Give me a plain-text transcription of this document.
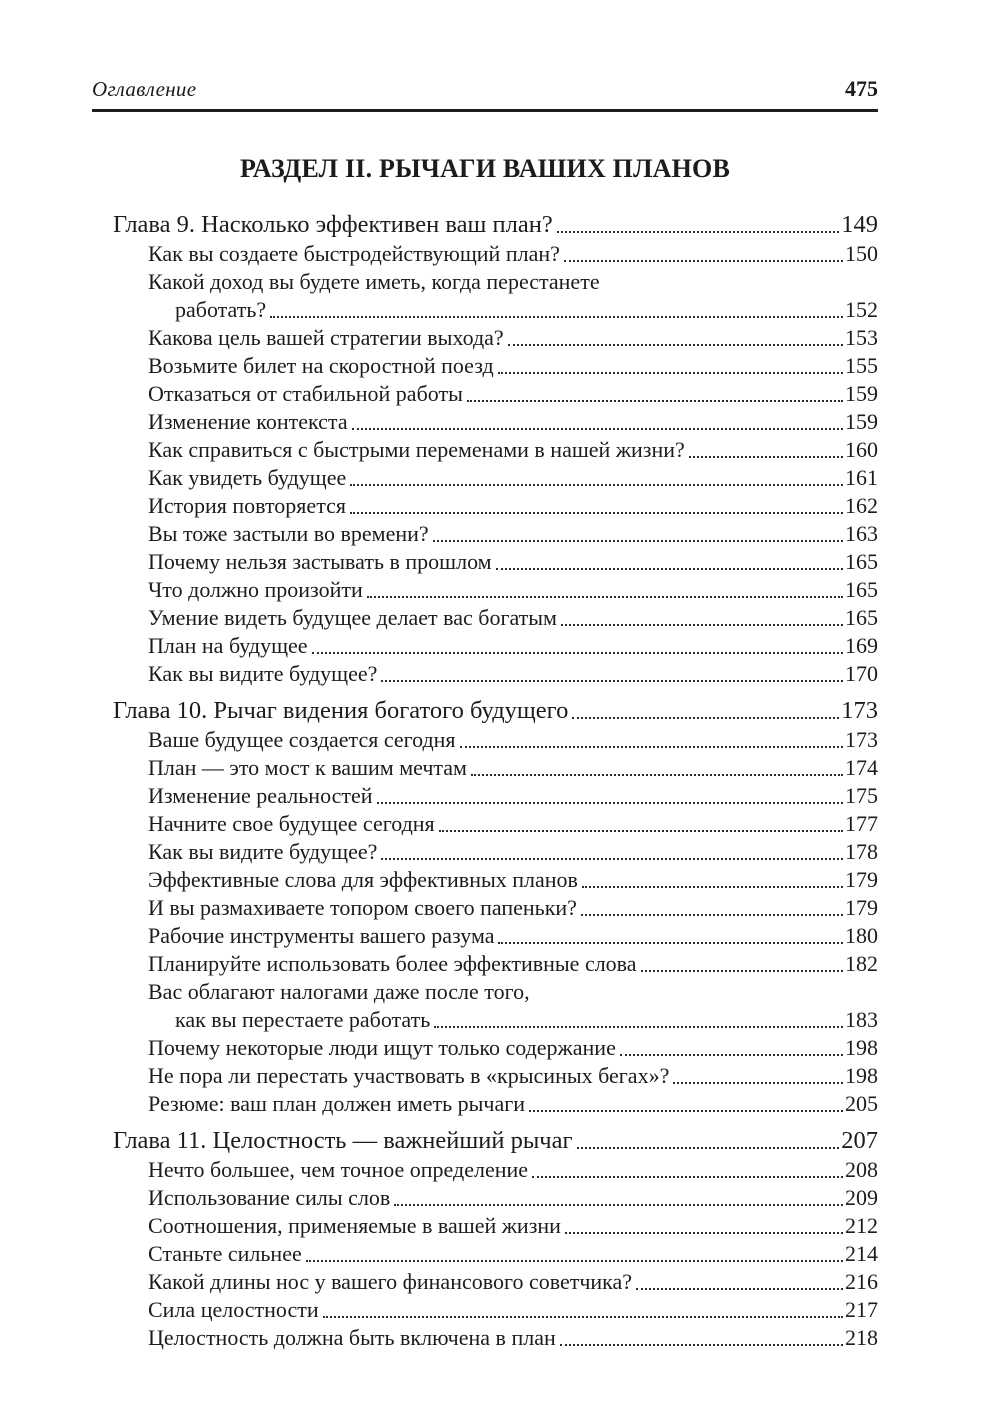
Оглавление	475
РАЗДЕЛ II. РЫЧАГИ ВАШИХ ПЛАНОВ
Глава 9. Насколько эффективен ваш план?	149
Как вы создаете быстродействующий план?	150
Какой доход вы будете иметь, когда перестанете
работать?	152
Какова цель вашей стратегии выхода?	153
Возьмите билет на скоростной поезд	155
Отказаться от стабильной работы	159
Изменение контекста	159
Как справиться с быстрыми переменами в нашей жизни?	160
Как увидеть будущее	161
История повторяется	162
Вы тоже застыли во времени?	163
Почему нельзя застывать в прошлом	165
Что должно произойти	165
Умение видеть будущее делает вас богатым	165
План на будущее	169
Как вы видите будущее?	170
Глава 10. Рычаг видения богатого будущего	173
Ваше будущее создается сегодня	173
План — это мост к вашим мечтам	174
Изменение реальностей	175
Начните свое будущее сегодня	177
Как вы видите будущее?	178
Эффективные слова для эффективных планов	179
И вы размахиваете топором своего папеньки?	179
Рабочие инструменты вашего разума	180
Планируйте использовать более эффективные слова	182
Вас облагают налогами даже после того,
как вы перестаете работать	183
Почему некоторые люди ищут только содержание	198
Не пора ли перестать участвовать в «крысиных бегах»?	198
Резюме: ваш план должен иметь рычаги	205
Глава 11. Целостность — важнейший рычаг	207
Нечто большее, чем точное определение	208
Использование силы слов	209
Соотношения, применяемые в вашей жизни	212
Станьте сильнее	214
Какой длины нос у вашего финансового советчика?	216
Сила целостности	217
Целостность должна быть включена в план	218
